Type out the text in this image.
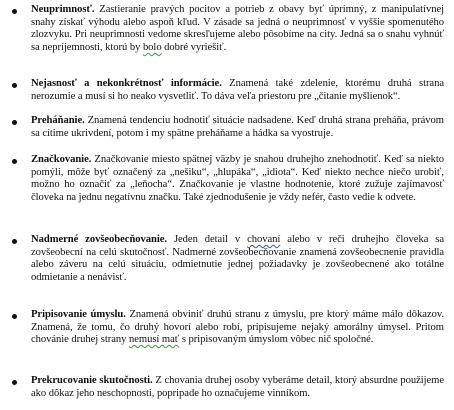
Neuprimnosť. Zastieranie pravých pocitov a potrieb z obavy byť úprimný, z manipulatívnej snahy získať výhodu alebo aspoň kľud. V zásade sa jedná o neuprimnosť v vyššie spomenutého zlozvyku. Pri neuprimnosti vedome skresľujeme alebo pôsobíme na city. Jedná sa o snahu vyhnúť sa nepríjemnosti, ktorú by bolo dobré vyriešiť.
Nejasnosť a nekonkrétnosť informácie. Znamená také zdelenie, ktorému druhá strana nerozumie a musí si ho neako vysvetliť. To dáva veľa priestoru pre „čitanie myšlienok“.
Preháňanie. Znamená tendenciu hodnotiť situácie nadsadene. Keď druhá strana preháňa, právom sa cítime ukrivdení, potom i my spätne preháňame a hádka sa vyostruje.
Značkovanie. Značkovanie miesto spätnej väzby je snahou druhejho znehodnotiť. Keď sa niekto pomýli, môže byť označený za „nešiku“, „hlupáka“, „idiota“. Keď niekto nechce niečo urobiť, možno ho označiť za „leňocha“. Značkovanie je vlastne hodnotenie, ktoré zužuje zajímavosť človeka na jednu negatívnu značku. Také zjednodušenie je vždy nefér, často vedie k odvete.
Nadmerné zovšeobecňovanie. Jeden detail v chovaní alebo v reči druhejho človeka sa zovšeobecní na celú skutočnosť. Nadmerné zovšeobecňovanie znamená zovšeobecnenie pravidla alebo záveru na celú situáciu, odmietnutie jednej požiadavky je zovšeobecnené ako totálne odmietanie a nenávisť.
Pripisovanie úmyslu. Znamená obviniť druhú stranu z úmyslu, pre ktorý máme málo dôkazov. Znamená, že tomu, čo druhý hovorí alebo robí, pripisujeme nejaký amorálny úmysel. Pritom chovánie druhej strany nemusí mať s pripisovaným úmyslom vôbec nič spoločné.
Prekrucovanie skutočnosti. Z chovania druhej osoby vyberáme detail, ktorý absurdne použijeme ako dôkaz jeho neschopnosti, popripade ho označujeme vinníkom.
